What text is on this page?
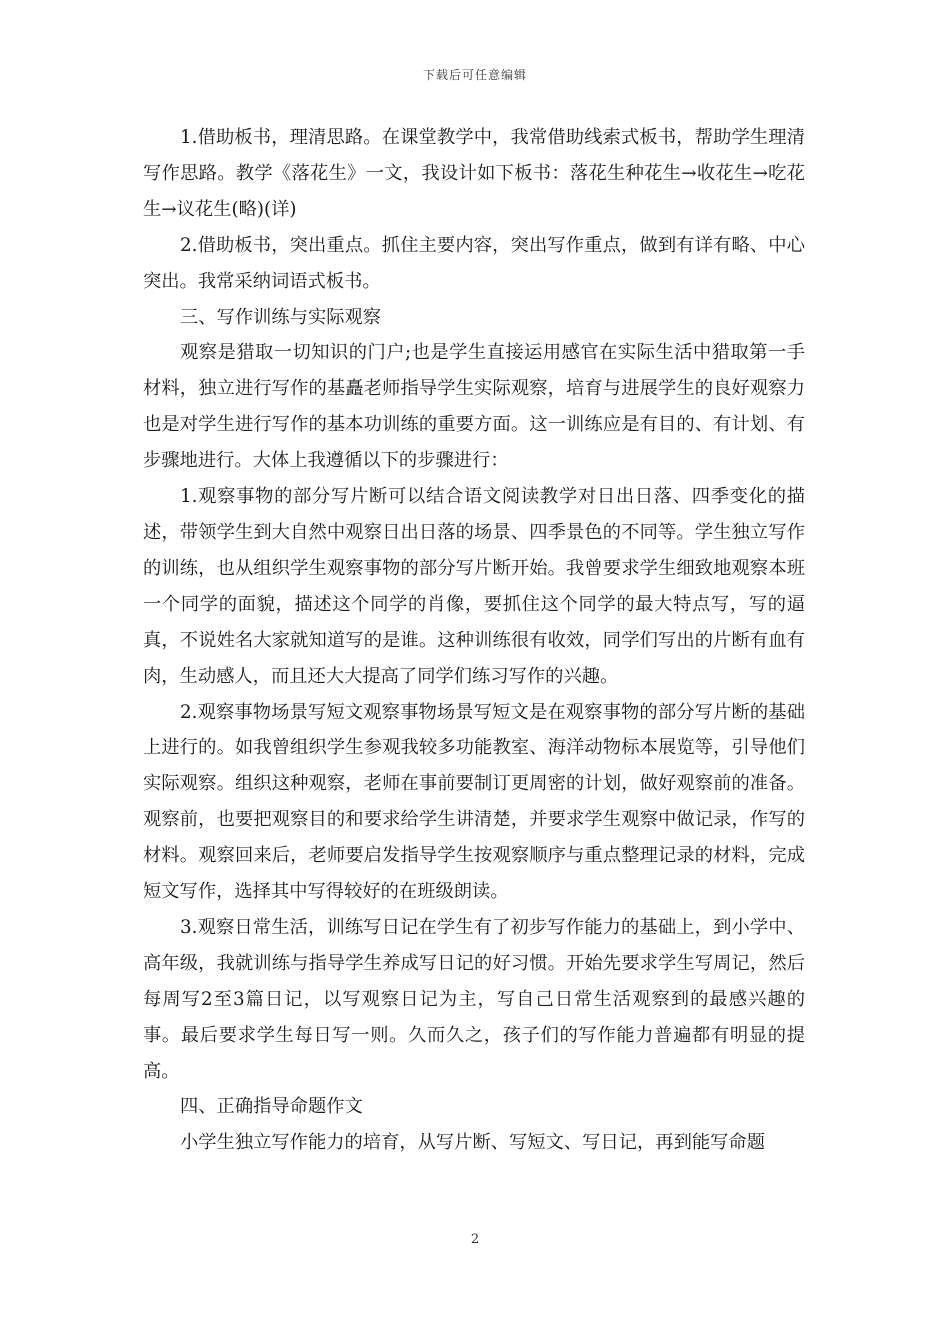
下载后可任意编辑

1.借助板书，理清思路。在课堂教学中，我常借助线索式板书，帮助学生理清写作思路。教学《落花生》一文，我设计如下板书：落花生种花生→收花生→吃花生→议花生(略)(详)

2.借助板书，突出重点。抓住主要内容，突出写作重点，做到有详有略、中心突出。我常采纳词语式板书。

三、写作训练与实际观察

观察是猎取一切知识的门户;也是学生直接运用感官在实际生活中猎取第一手材料，独立进行写作的基矗老师指导学生实际观察，培育与进展学生的良好观察力也是对学生进行写作的基本功训练的重要方面。这一训练应是有目的、有计划、有步骤地进行。大体上我遵循以下的步骤进行：

1.观察事物的部分写片断可以结合语文阅读教学对日出日落、四季变化的描述，带领学生到大自然中观察日出日落的场景、四季景色的不同等。学生独立写作的训练，也从组织学生观察事物的部分写片断开始。我曾要求学生细致地观察本班一个同学的面貌，描述这个同学的肖像，要抓住这个同学的最大特点写，写的逼真，不说姓名大家就知道写的是谁。这种训练很有收效，同学们写出的片断有血有肉，生动感人，而且还大大提高了同学们练习写作的兴趣。

2.观察事物场景写短文观察事物场景写短文是在观察事物的部分写片断的基础上进行的。如我曾组织学生参观我较多功能教室、海洋动物标本展览等，引导他们实际观察。组织这种观察，老师在事前要制订更周密的计划，做好观察前的准备。观察前，也要把观察目的和要求给学生讲清楚，并要求学生观察中做记录，作写的材料。观察回来后，老师要启发指导学生按观察顺序与重点整理记录的材料，完成短文写作，选择其中写得较好的在班级朗读。

3.观察日常生活，训练写日记在学生有了初步写作能力的基础上，到小学中、高年级，我就训练与指导学生养成写日记的好习惯。开始先要求学生写周记，然后每周写2至3篇日记，以写观察日记为主，写自己日常生活观察到的最感兴趣的事。最后要求学生每日写一则。久而久之，孩子们的写作能力普遍都有明显的提高。

四、正确指导命题作文

小学生独立写作能力的培育，从写片断、写短文、写日记，再到能写命题

2
